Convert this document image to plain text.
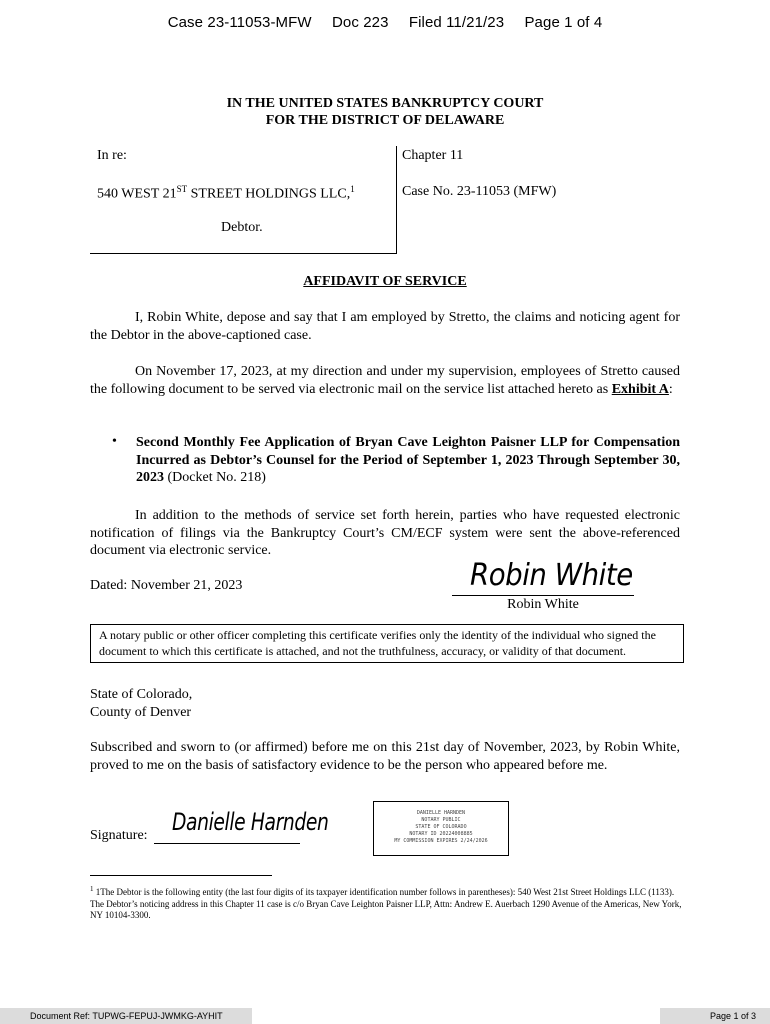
Case 23-11053-MFW Doc 223 Filed 11/21/23 Page 1 of 4
IN THE UNITED STATES BANKRUPTCY COURT
FOR THE DISTRICT OF DELAWARE
In re:
540 WEST 21ST STREET HOLDINGS LLC,$^1$
Debtor.
Chapter 11
Case No. 23-11053 (MFW)
AFFIDAVIT OF SERVICE
I, Robin White, depose and say that I am employed by Stretto, the claims and noticing agent for the Debtor in the above-captioned case.
On November 17, 2023, at my direction and under my supervision, employees of Stretto caused the following document to be served via electronic mail on the service list attached hereto as Exhibit A:
• Second Monthly Fee Application of Bryan Cave Leighton Paisner LLP for Compensation Incurred as Debtor’s Counsel for the Period of September 1, 2023 Through September 30, 2023 (Docket No. 218)
In addition to the methods of service set forth herein, parties who have requested electronic notification of filings via the Bankruptcy Court’s CM/ECF system were sent the above-referenced document via electronic service.
Dated: November 21, 2023	Robin White
Robin White
A notary public or other officer completing this certificate verifies only the identity of the individual who signed the document to which this certificate is attached, and not the truthfulness, accuracy, or validity of that document.
State of Colorado,
County of Denver
Subscribed and sworn to (or affirmed) before me on this 21st day of November, 2023, by Robin White, proved to me on the basis of satisfactory evidence to be the person who appeared before me.
Signature: Danielle Harnden	DANIELLE HARNDEN
NOTARY PUBLIC
STATE OF COLORADO
NOTARY ID 20224008885
MY COMMISSION EXPIRES 2/24/2026
$^1$ 1The Debtor is the following entity (the last four digits of its taxpayer identification number follows in parentheses): 540 West 21st Street Holdings LLC (1133). The Debtor’s noticing address in this Chapter 11 case is c/o Bryan Cave Leighton Paisner LLP, Attn: Andrew E. Auerbach 1290 Avenue of the Americas, New York, NY 10104-3300.
Document Ref: TUPWG-FEPUJ-JWMKG-AYHIT	Page 1 of 3
